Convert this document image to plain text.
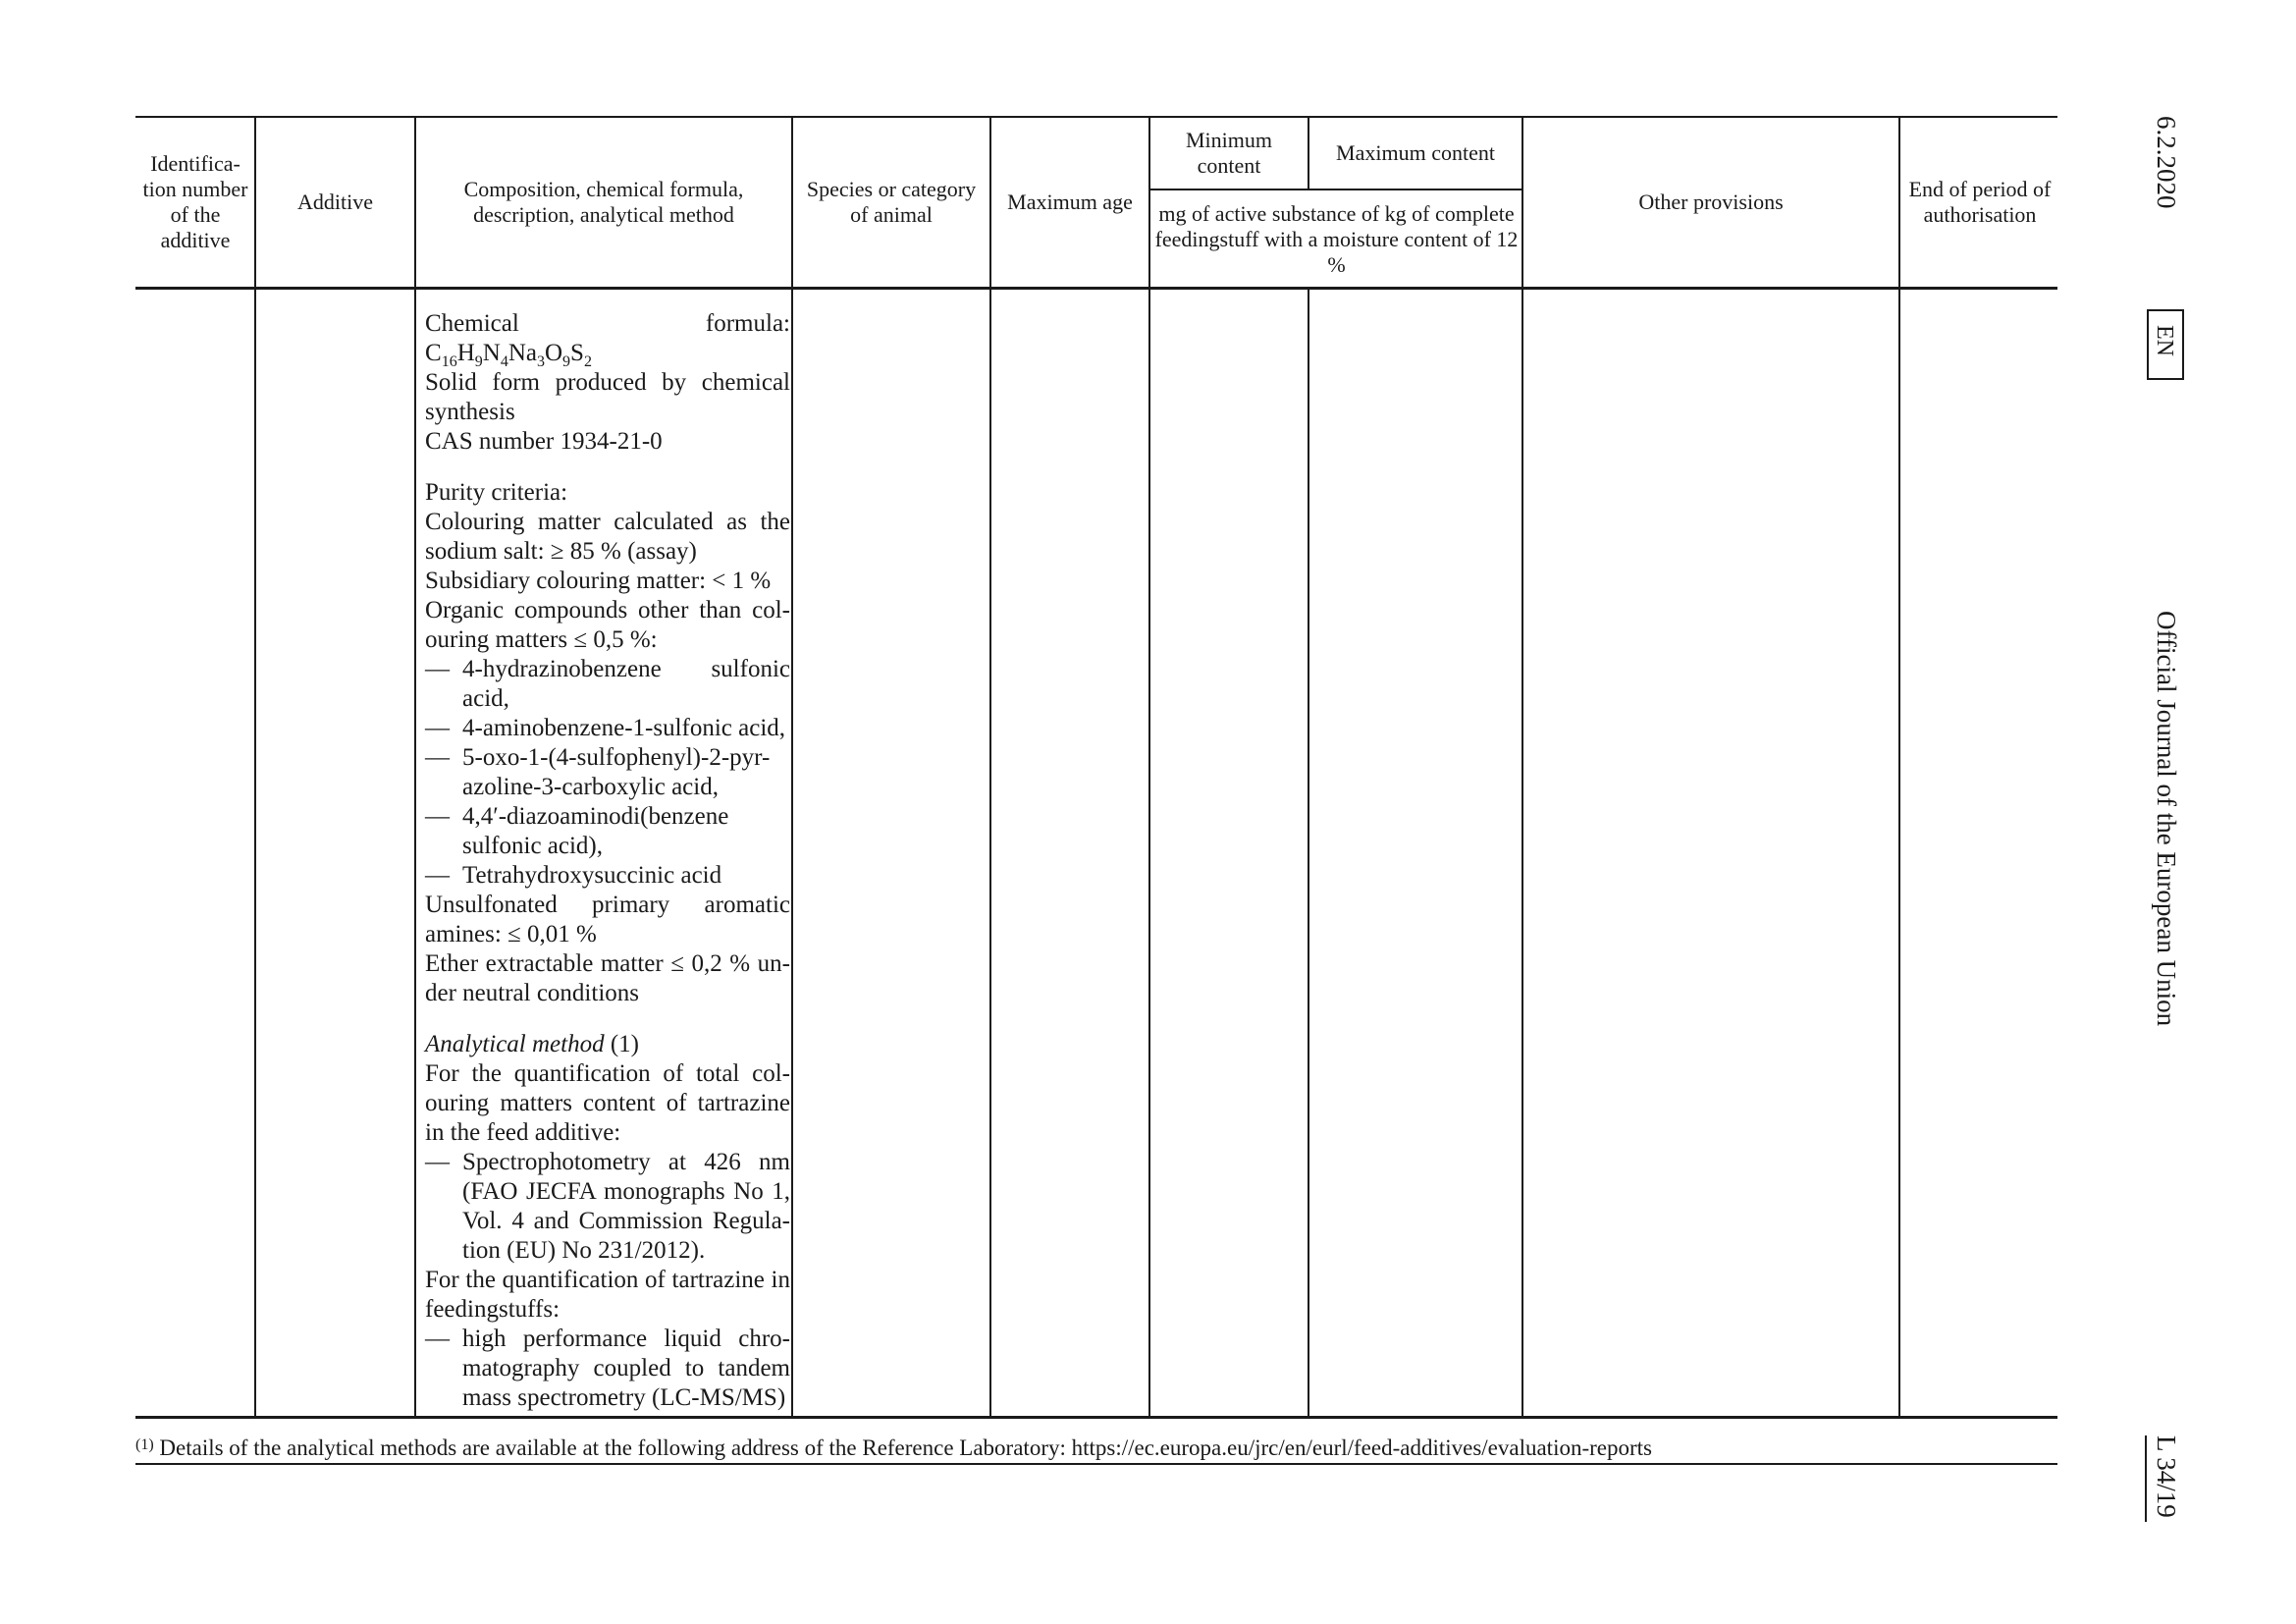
Identifica-tion number of the additive
Additive
Composition, chemical formula, description, analytical method
Species or category of animal
Maximum age
Minimum content
Maximum content
mg of active substance of kg of complete feedingstuff with a moisture content of 12 %
Other provisions
End of period of authorisation

Chemical formula:

$C_{16}H_9N_4Na_3O_9S_2$

Solid form produced by chemical synthesis

CAS number 1934-21-0

Purity criteria:

Colouring matter calculated as the sodium salt: ≥ 85 % (assay)

Subsidiary colouring matter: < 1 %

Organic compounds other than col-ouring matters ≤ 0,5 %:

— 4-hydrazinobenzene sulfonic acid,
— 4-aminobenzene-1-sulfonic acid,
— 5-oxo-1-(4-sulfophenyl)-2-pyr-azoline-3-carboxylic acid,
— 4,4′-diazoaminodi(benzene sulfonic acid),
— Tetrahydroxysuccinic acid

Unsulfonated primary aromatic amines: ≤ 0,01 %

Ether extractable matter ≤ 0,2 % un-der neutral conditions

Analytical method (1)

For the quantification of total col-ouring matters content of tartrazine in the feed additive:

— Spectrophotometry at 426 nm (FAO JECFA monographs No 1, Vol. 4 and Commission Regula-tion (EU) No 231/2012).

For the quantification of tartrazine in feedingstuffs:

— high performance liquid chro-matography coupled to tandem mass spectrometry (LC-MS/MS)
$^{(1)}$ Details of the analytical methods are available at the following address of the Reference Laboratory: https://ec.europa.eu/jrc/en/eurl/feed-additives/evaluation-reports
6.2.2020
EN
Official Journal of the European Union
L 34/19
